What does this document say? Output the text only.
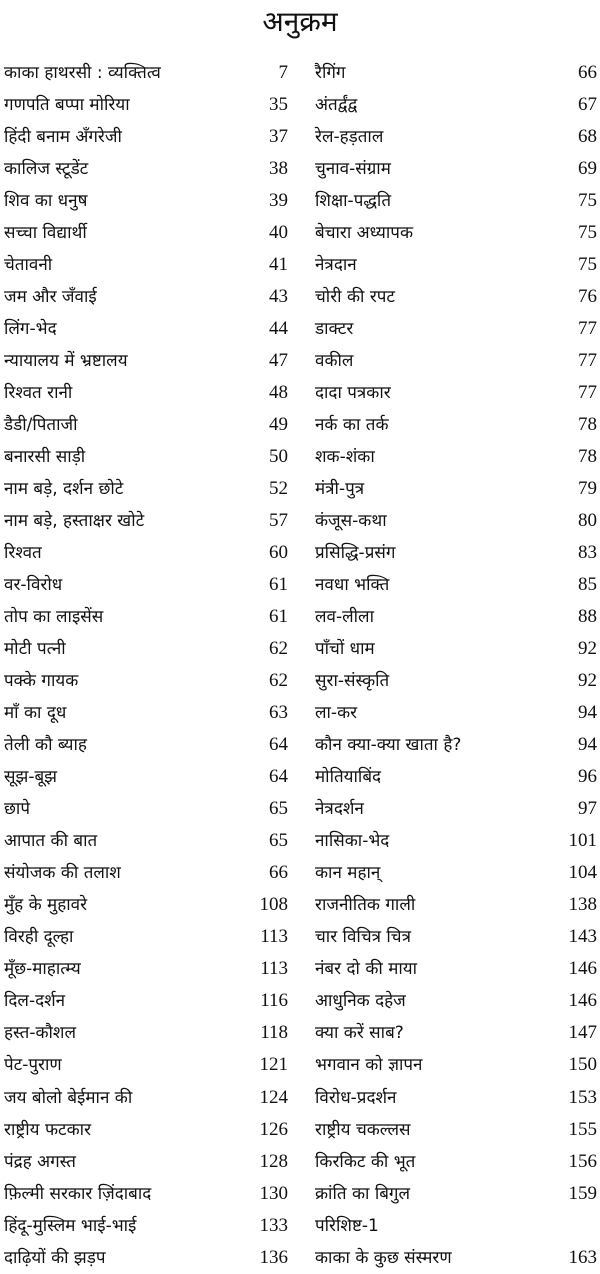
अनुक्रम
काका हाथरसी : व्यक्तित्व	7 रैगिंग	66
गणपति बप्पा मोरिया	35 अंतर्द्वंद्व	67
हिंदी बनाम अँगरेजी	37 रेल-हड़ताल	68
कालिज स्टूडेंट	38 चुनाव-संग्राम	69
शिव का धनुष	39 शिक्षा-पद्धति	75
सच्चा विद्यार्थी	40 बेचारा अध्यापक	75
चेतावनी	41 नेत्रदान	75
जम और जँवाई	43 चोरी की रपट	76
लिंग-भेद	44 डाक्टर	77
न्यायालय में भ्रष्टालय	47 वकील	77
रिश्वत रानी	48 दादा पत्रकार	77
डैडी/पिताजी	49 नर्क का तर्क	78
बनारसी साड़ी	50 शक-शंका	78
नाम बड़े, दर्शन छोटे	52 मंत्री-पुत्र	79
नाम बड़े, हस्ताक्षर खोटे	57 कंजूस-कथा	80
रिश्वत	60 प्रसिद्धि-प्रसंग	83
वर-विरोध	61 नवधा भक्ति	85
तोप का लाइसेंस	61 लव-लीला	88
मोटी पत्नी	62 पाँचों धाम	92
पक्के गायक	62 सुरा-संस्कृति	92
माँ का दूध	63 ला-कर	94
तेली कौ ब्याह	64 कौन क्या-क्या खाता है?	94
सूझ-बूझ	64 मोतियाबिंद	96
छापे	65 नेत्रदर्शन	97
आपात की बात	65 नासिका-भेद	101
संयोजक की तलाश	66 कान महान्	104
मुँह के मुहावरे	108 राजनीतिक गाली	138
विरही दूल्हा	113 चार विचित्र चित्र	143
मूँछ-माहात्म्य	113 नंबर दो की माया	146
दिल-दर्शन	116 आधुनिक दहेज	146
हस्त-कौशल	118 क्या करें साब?	147
पेट-पुराण	121 भगवान को ज्ञापन	150
जय बोलो बेईमान की	124 विरोध-प्रदर्शन	153
राष्ट्रीय फटकार	126 राष्ट्रीय चकल्लस	155
पंद्रह अगस्त	128 किरकिट की भूत	156
फ़िल्मी सरकार ज़िंदाबाद	130 क्रांति का बिगुल	159
हिंदू-मुस्लिम भाई-भाई	133 परिशिष्ट-1
दाढ़ियों की झड़प	136 काका के कुछ संस्मरण	163
